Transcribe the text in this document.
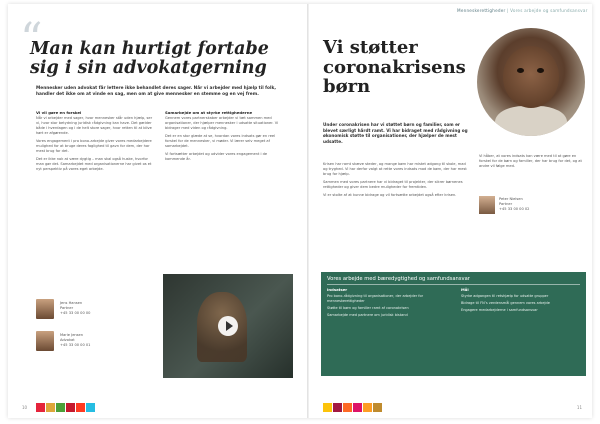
“
Man kan hurtigt fortabe sig i sin advokatgerning

Mennesker uden advokat får lettere ikke behandlet deres sager. Når vi arbejder med hjælp til folk, handler det ikke om at vinde en sag, men om at give mennesker en stemme og en vej frem.

Vi vil gøre en forskel

Når vi arbejder med sager, hvor mennesker står uden hjælp, ser vi, hvor stor betydning juridisk rådgivning kan have. Det gælder både i hverdagen og i de helt store sager, hvor retten til at blive hørt er afgørende.

Vores engagement i pro bono-arbejde giver vores medarbejdere mulighed for at bruge deres faglighed til gavn for dem, der har mest brug for det.

Det er ikke nok at være dygtig – man skal også huske, hvorfor man gør det. Samarbejdet med organisationerne har givet os et nyt perspektiv på vores eget arbejde.

Samarbejde om at styrke rettighederne

Gennem vores partnerskaber arbejder vi tæt sammen med organisationer, der hjælper mennesker i udsatte situationer. Vi bidrager med viden og rådgivning.

Det er en stor glæde at se, hvordan vores indsats gør en reel forskel for de mennesker, vi møder. Vi lærer selv meget af samarbejdet.

Vi fortsætter arbejdet og udvider vores engagement i de kommende år.

Jens Hansen
Partner
+45 33 00 00 00
Marie Jensen
Advokat
+45 33 00 00 01
10
Menneskerettigheder | Vores arbejde og samfundsansvar
Vi støtter coronakrisens børn

Under coronakrisen har vi støttet børn og familier, som er blevet særligt hårdt ramt. Vi har bidraget med rådgivning og økonomisk støtte til organisationer, der hjælper de mest udsatte.

Krisen har ramt skæve steder, og mange børn har mistet adgang til skole, mad og tryghed. Vi har derfor valgt at rette vores indsats mod de børn, der har mest brug for hjælp.

Sammen med vores partnere har vi bidraget til projekter, der sikrer børnenes rettigheder og giver dem bedre muligheder for fremtiden.

Vi er stolte af at kunne bidrage og vil fortsætte arbejdet også efter krisen.

Vi håber, at vores indsats kan være med til at gøre en forskel for de børn og familier, der har brug for det, og at andre vil følge med.

Peter Nielsen
Partner
+45 33 00 00 02
Vores arbejde med bæredygtighed og samfundsansvar
Indsatser
Pro bono-rådgivning til organisationer, der arbejder for menneskerettigheder
Støtte til børn og familier ramt af coronakrisen
Samarbejde med partnere om juridisk bistand
Mål
Styrke adgangen til retshjælp for udsatte grupper
Bidrage til FN’s verdensmål gennem vores arbejde
Engagere medarbejderne i samfundsansvar
11
